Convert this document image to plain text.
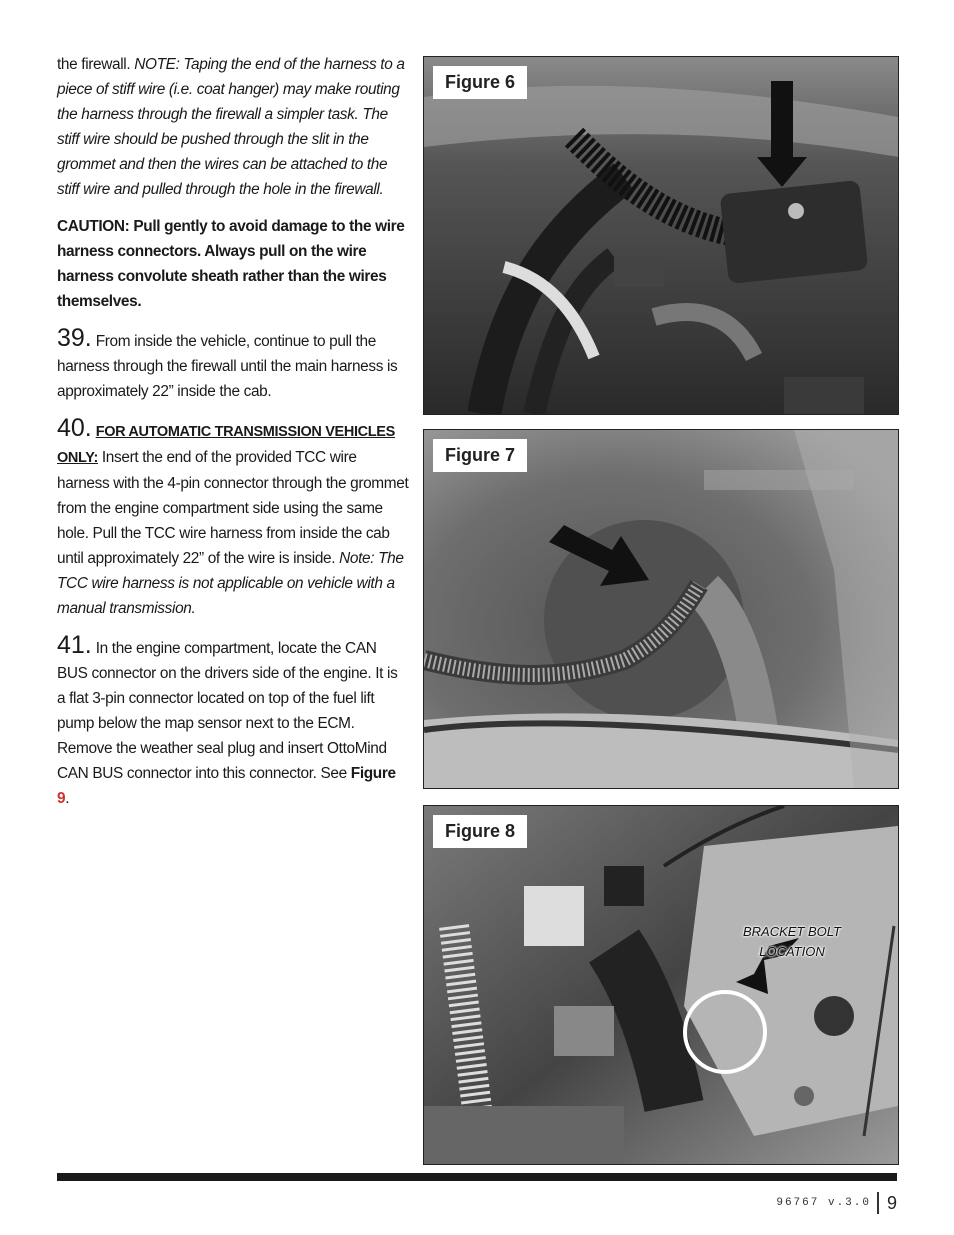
the firewall. NOTE: Taping the end of the harness to a piece of stiff wire (i.e. coat hanger) may make routing the harness through the firewall a simpler task. The stiff wire should be pushed through the slit in the grommet and then the wires can be attached to the stiff wire and pulled through the hole in the firewall.

CAUTION: Pull gently to avoid damage to the wire harness connectors. Always pull on the wire harness convolute sheath rather than the wires themselves.

39. From inside the vehicle, continue to pull the harness through the firewall until the main harness is approximately 22” inside the cab.

40. FOR AUTOMATIC TRANSMISSION VEHICLES ONLY: Insert the end of the provided TCC wire harness with the 4-pin connector through the grommet from the engine compartment side using the same hole. Pull the TCC wire harness from inside the cab until approximately 22” of the wire is inside. Note: The TCC wire harness is not applicable on vehicle with a manual transmission.

41. In the engine compartment, locate the CAN BUS connector on the drivers side of the engine. It is a flat 3-pin connector located on top of the fuel lift pump below the map sensor next to the ECM. Remove the weather seal plug and insert OttoMind CAN BUS connector into this connector. See Figure 9.

Figure 6
Figure 7
Figure 8
BRACKET BOLT
LOCATION
96767 v.3.0 9
